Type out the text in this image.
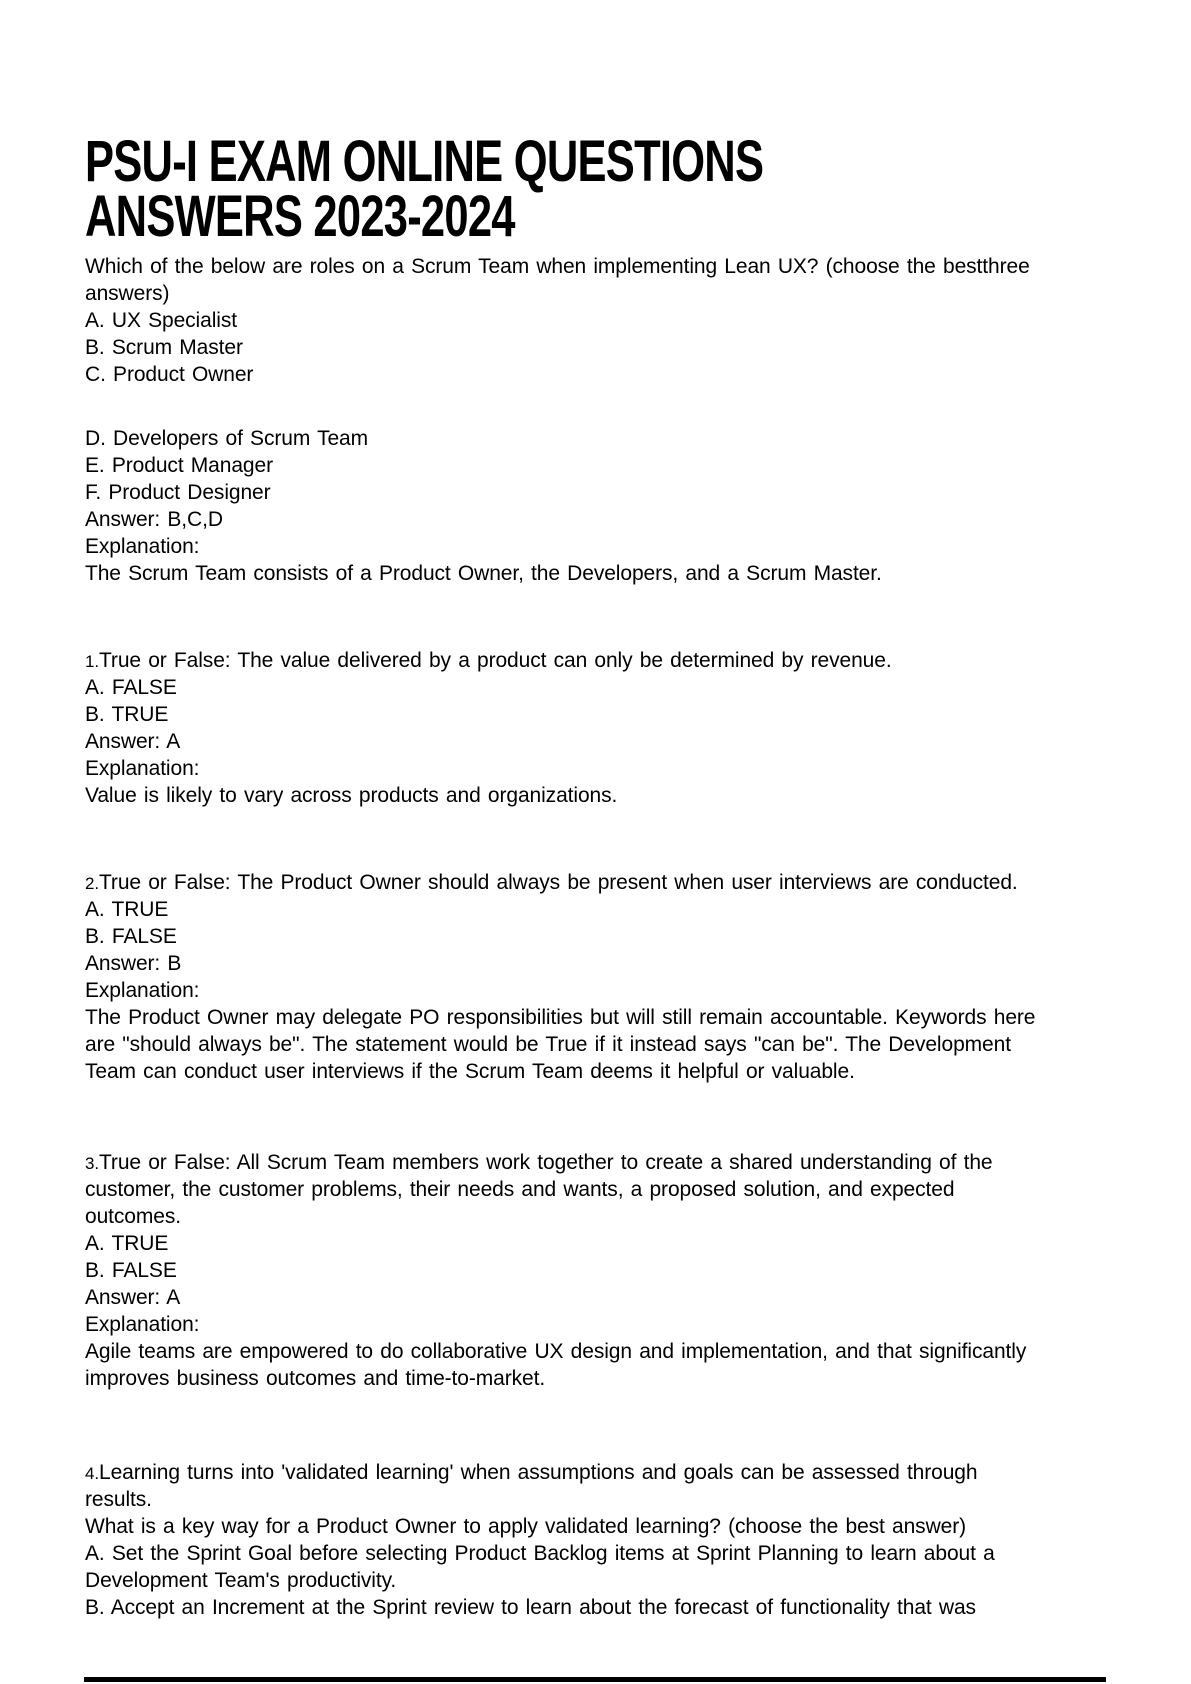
PSU-I EXAM ONLINE QUESTIONS
ANSWERS 2023-2024
Which of the below are roles on a Scrum Team when implementing Lean UX? (choose the bestthree
answers)
A. UX Specialist
B. Scrum Master
C. Product Owner
D. Developers of Scrum Team
E. Product Manager
F. Product Designer
Answer: B,C,D
Explanation:
The Scrum Team consists of a Product Owner, the Developers, and a Scrum Master.
1.True or False: The value delivered by a product can only be determined by revenue.
A. FALSE
B. TRUE
Answer: A
Explanation:
Value is likely to vary across products and organizations.
2.True or False: The Product Owner should always be present when user interviews are conducted.
A. TRUE
B. FALSE
Answer: B
Explanation:
The Product Owner may delegate PO responsibilities but will still remain accountable. Keywords here
are "should always be". The statement would be True if it instead says "can be". The Development
Team can conduct user interviews if the Scrum Team deems it helpful or valuable.
3.True or False: All Scrum Team members work together to create a shared understanding of the
customer, the customer problems, their needs and wants, a proposed solution, and expected
outcomes.
A. TRUE
B. FALSE
Answer: A
Explanation:
Agile teams are empowered to do collaborative UX design and implementation, and that significantly
improves business outcomes and time-to-market.
4.Learning turns into 'validated learning' when assumptions and goals can be assessed through
results.
What is a key way for a Product Owner to apply validated learning? (choose the best answer)
A. Set the Sprint Goal before selecting Product Backlog items at Sprint Planning to learn about a
Development Team's productivity.
B. Accept an Increment at the Sprint review to learn about the forecast of functionality that was
